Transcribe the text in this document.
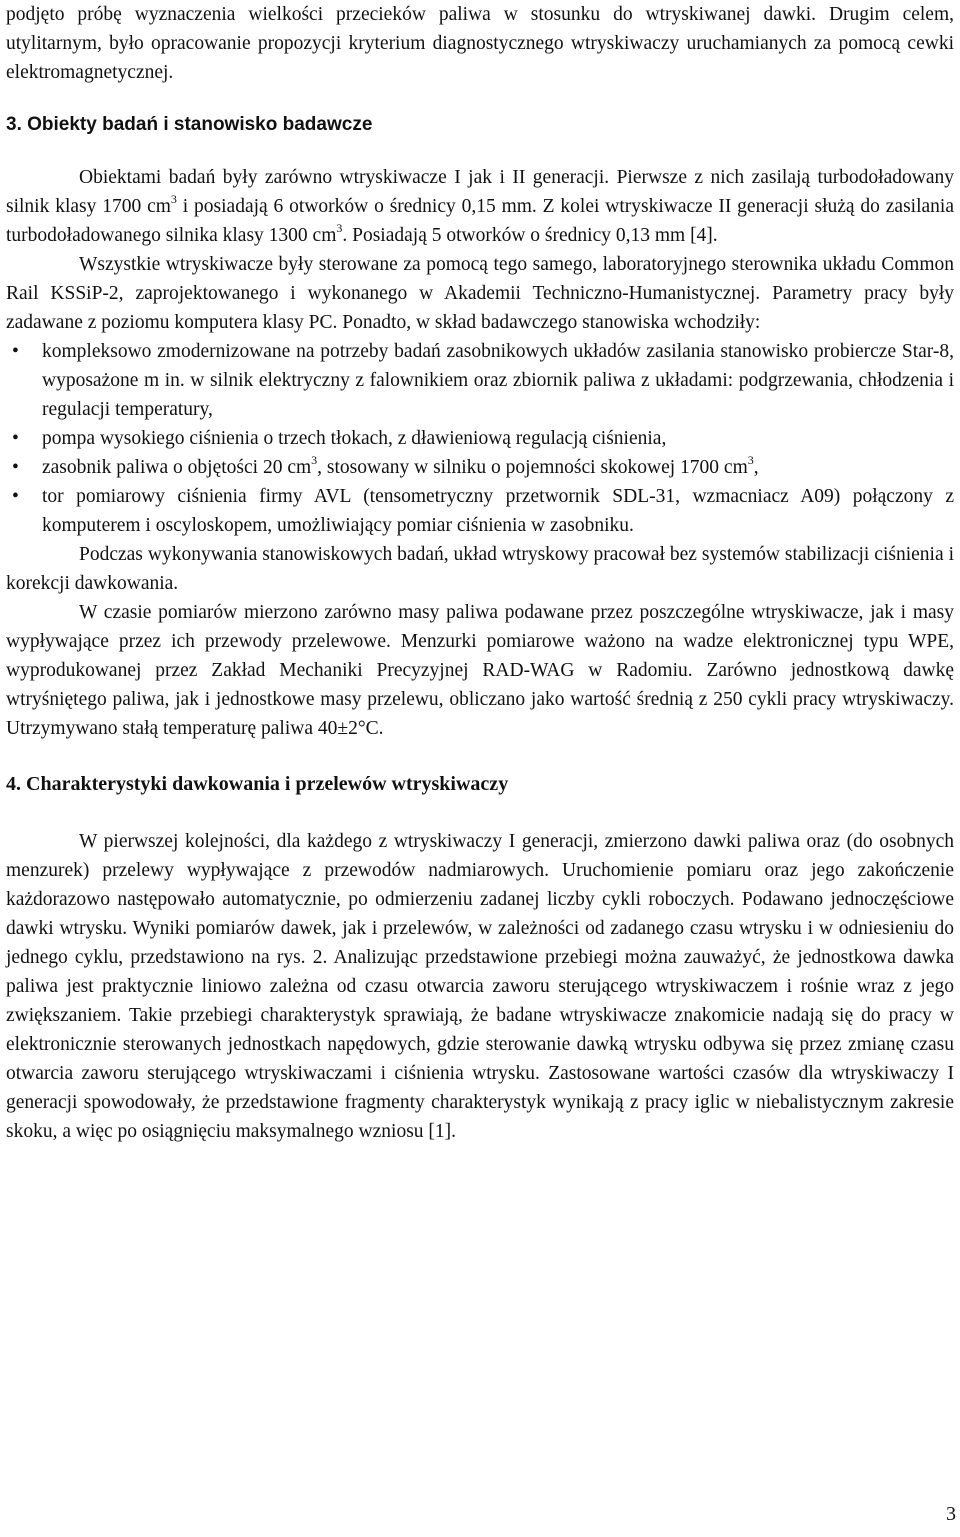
podjęto próbę wyznaczenia wielkości przecieków paliwa w stosunku do wtryskiwanej dawki. Drugim celem, utylitarnym, było opracowanie propozycji kryterium diagnostycznego wtryskiwaczy uruchamianych za pomocą cewki elektromagnetycznej.

3. Obiekty badań i stanowisko badawcze

Obiektami badań były zarówno wtryskiwacze I jak i II generacji. Pierwsze z nich zasilają turbodoładowany silnik klasy 1700 $cm^3$ i posiadają 6 otworków o średnicy 0,15 mm. Z kolei wtryskiwacze II generacji służą do zasilania turbodoładowanego silnika klasy 1300 $cm^3$. Posiadają 5 otworków o średnicy 0,13 mm [4].

Wszystkie wtryskiwacze były sterowane za pomocą tego samego, laboratoryjnego sterownika układu Common Rail KSSiP-2, zaprojektowanego i wykonanego w Akademii Techniczno-Humanistycznej. Parametry pracy były zadawane z poziomu komputera klasy PC. Ponadto, w skład badawczego stanowiska wchodziły:

• kompleksowo zmodernizowane na potrzeby badań zasobnikowych układów zasilania stanowisko probiercze Star-8, wyposażone m in. w silnik elektryczny z falownikiem oraz zbiornik paliwa z układami: podgrzewania, chłodzenia i regulacji temperatury,
• pompa wysokiego ciśnienia o trzech tłokach, z dławieniową regulacją ciśnienia,
• zasobnik paliwa o objętości 20 $cm^3$, stosowany w silniku o pojemności skokowej 1700 $cm^3$,
• tor pomiarowy ciśnienia firmy AVL (tensometryczny przetwornik SDL-31, wzmacniacz A09) połączony z komputerem i oscyloskopem, umożliwiający pomiar ciśnienia w zasobniku.

Podczas wykonywania stanowiskowych badań, układ wtryskowy pracował bez systemów stabilizacji ciśnienia i korekcji dawkowania.

W czasie pomiarów mierzono zarówno masy paliwa podawane przez poszczególne wtryskiwacze, jak i masy wypływające przez ich przewody przelewowe. Menzurki pomiarowe ważono na wadze elektronicznej typu WPE, wyprodukowanej przez Zakład Mechaniki Precyzyjnej RAD-WAG w Radomiu. Zarówno jednostkową dawkę wtryśniętego paliwa, jak i jednostkowe masy przelewu, obliczano jako wartość średnią z 250 cykli pracy wtryskiwaczy. Utrzymywano stałą temperaturę paliwa 40±2°C.

4. Charakterystyki dawkowania i przelewów wtryskiwaczy

W pierwszej kolejności, dla każdego z wtryskiwaczy I generacji, zmierzono dawki paliwa oraz (do osobnych menzurek) przelewy wypływające z przewodów nadmiarowych. Uruchomienie pomiaru oraz jego zakończenie każdorazowo następowało automatycznie, po odmierzeniu zadanej liczby cykli roboczych. Podawano jednoczęściowe dawki wtrysku. Wyniki pomiarów dawek, jak i przelewów, w zależności od zadanego czasu wtrysku i w odniesieniu do jednego cyklu, przedstawiono na rys. 2. Analizując przedstawione przebiegi można zauważyć, że jednostkowa dawka paliwa jest praktycznie liniowo zależna od czasu otwarcia zaworu sterującego wtryskiwaczem i rośnie wraz z jego zwiększaniem. Takie przebiegi charakterystyk sprawiają, że badane wtryskiwacze znakomicie nadają się do pracy w elektronicznie sterowanych jednostkach napędowych, gdzie sterowanie dawką wtrysku odbywa się przez zmianę czasu otwarcia zaworu sterującego wtryskiwaczami i ciśnienia wtrysku. Zastosowane wartości czasów dla wtryskiwaczy I generacji spowodowały, że przedstawione fragmenty charakterystyk wynikają z pracy iglic w niebalistycznym zakresie skoku, a więc po osiągnięciu maksymalnego wzniosu [1].

3
